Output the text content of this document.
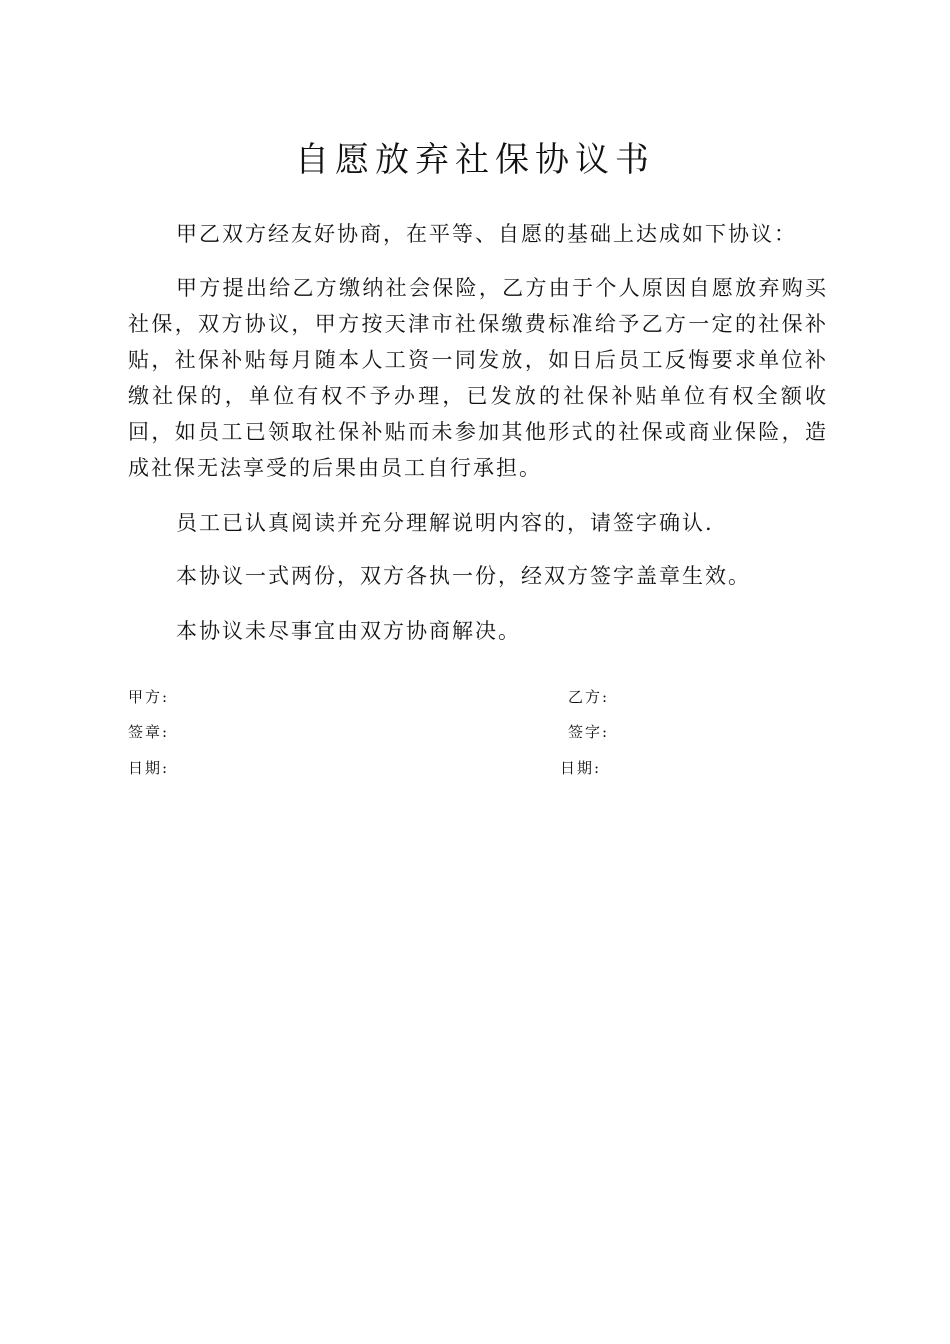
自愿放弃社保协议书

甲乙双方经友好协商，在平等、自愿的基础上达成如下协议：

甲方提出给乙方缴纳社会保险，乙方由于个人原因自愿放弃购买社保，双方协议，甲方按天津市社保缴费标准给予乙方一定的社保补贴，社保补贴每月随本人工资一同发放，如日后员工反悔要求单位补缴社保的，单位有权不予办理，已发放的社保补贴单位有权全额收回，如员工已领取社保补贴而未参加其他形式的社保或商业保险，造成社保无法享受的后果由员工自行承担。

员工已认真阅读并充分理解说明内容的，请签字确认.

本协议一式两份，双方各执一份，经双方签字盖章生效。

本协议未尽事宜由双方协商解决。

甲方:
签章:
日期:
乙方:
签字:
日期:
